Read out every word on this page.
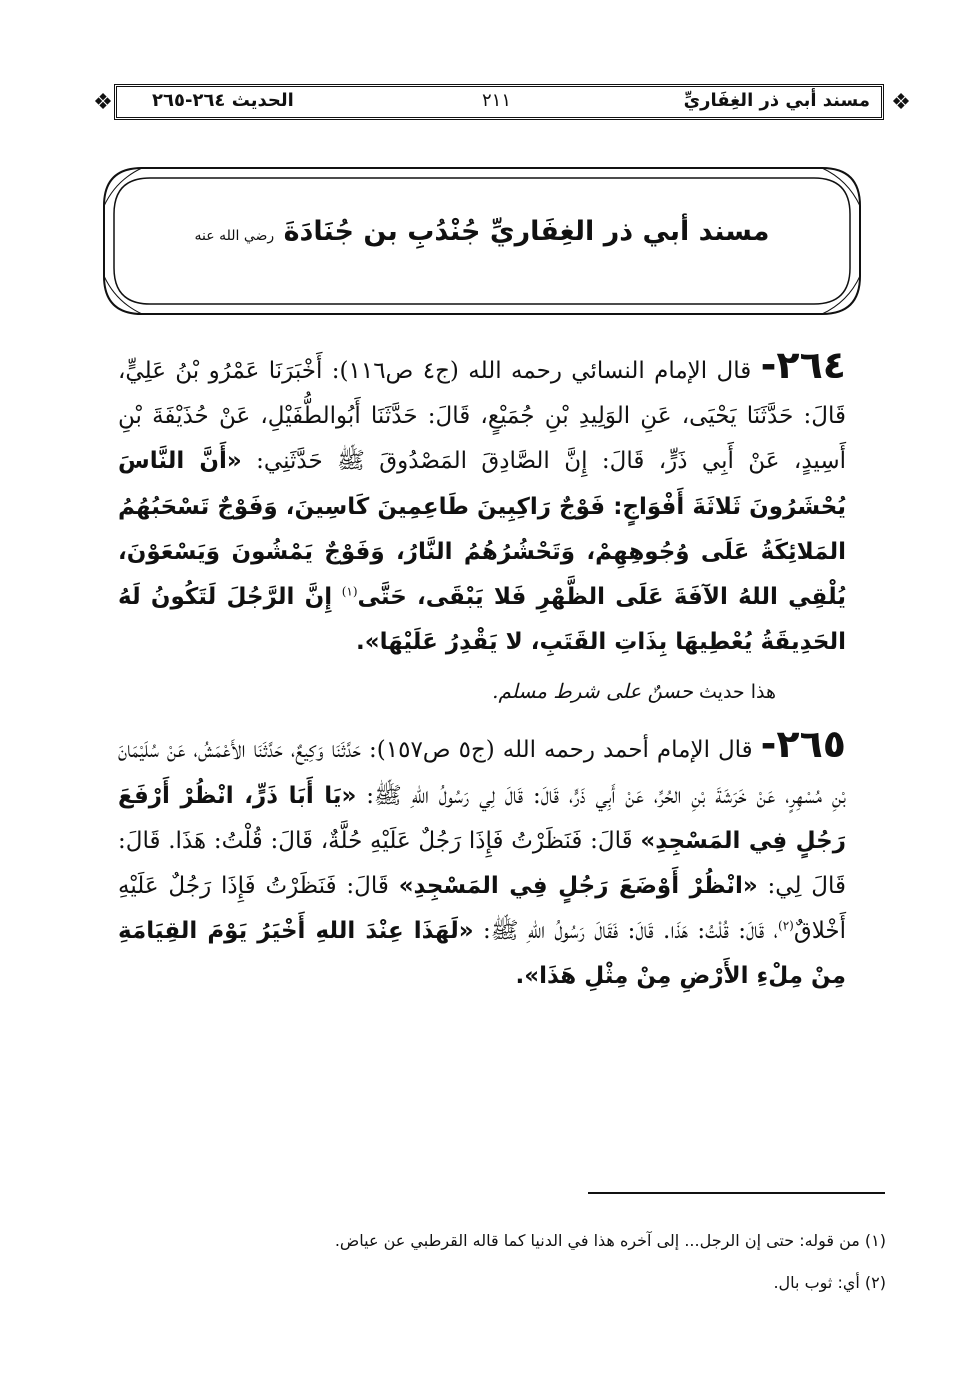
❖	❖
مسند أبي ذر الغِفَاريِّ
٢١١
الحديث ٢٦٤-٢٦٥
مسند أبي ذر الغِفَاريِّ جُنْدُبِ بن جُنَادَةَ رضي الله عنه

٢٦٤- قال الإمام النسائي رحمه الله (ج٤ ص١١٦): أَخْبَرَنَا عَمْرُو بْنُ عَلِيٍّ، قَالَ: حَدَّثَنَا يَحْيَى، عَنِ الوَلِيدِ بْنِ جُمَيْعٍ، قَالَ: حَدَّثَنَا أَبُوالطُّفَيْلِ، عَنْ حُذَيْفَةَ بْنِ أَسِيدٍ، عَنْ أَبِي ذَرٍّ، قَالَ: إِنَّ الصَّادِقَ المَصْدُوقَ ﷺ حَدَّثَنِي: «أَنَّ النَّاسَ يُحْشَرُونَ ثَلاثَةَ أَفْوَاجٍ: فَوْجٌ رَاكِبِينَ طَاعِمِينَ كَاسِينَ، وَفَوْجٌ تَسْحَبُهُمُ المَلائِكَةُ عَلَى وُجُوهِهِمْ، وَتَحْشُرُهُمُ النَّارُ، وَفَوْجٌ يَمْشُونَ وَيَسْعَوْنَ، يُلْقِي اللهُ الآفَةَ عَلَى الظَّهْرِ فَلا يَبْقَى، حَتَّى$^{(١)}$ إِنَّ الرَّجُلَ لَتَكُونُ لَهُ الحَدِيقَةُ يُعْطِيهَا بِذَاتِ القَتَبِ، لا يَقْدِرُ عَلَيْهَا».

هذا حديث حسنٌ على شرط مسلم.

٢٦٥- قال الإمام أحمد رحمه الله (ج٥ ص١٥٧): حَدَّثَنَا وَكِيعٌ، حَدَّثَنَا الأَعْمَشُ، عَنْ سُلَيْمَانَ بْنِ مُسْهِرٍ، عَنْ خَرَشَةَ بْنِ الحُرِّ، عَنْ أَبِي ذَرٍّ، قَالَ: قَالَ لِي رَسُولُ اللهِ ﷺ: «يَا أَبَا ذَرٍّ، انْظُرْ أَرْفَعَ رَجُلٍ فِي المَسْجِدِ» قَالَ: فَنَظَرْتُ فَإِذَا رَجُلٌ عَلَيْهِ حُلَّةٌ، قَالَ: قُلْتُ: هَذَا. قَالَ: قَالَ لِي: «انْظُرْ أَوْضَعَ رَجُلٍ فِي المَسْجِدِ» قَالَ: فَنَظَرْتُ فَإِذَا رَجُلٌ عَلَيْهِ أَخْلاقٌ$^{(٢)}$، قَالَ: قُلْتُ: هَذَا. قَالَ: فَقَالَ رَسُولُ اللهِ ﷺ: «لَهَذَا عِنْدَ اللهِ أَخْيَرُ يَوْمَ القِيَامَةِ مِنْ مِلْءِ الأَرْضِ مِنْ مِثْلِ هَذَا».

(١) من قوله: حتى إن الرجل... إلى آخره هذا في الدنيا كما قاله القرطبي عن عياض.

(٢) أي: ثوب بال.
